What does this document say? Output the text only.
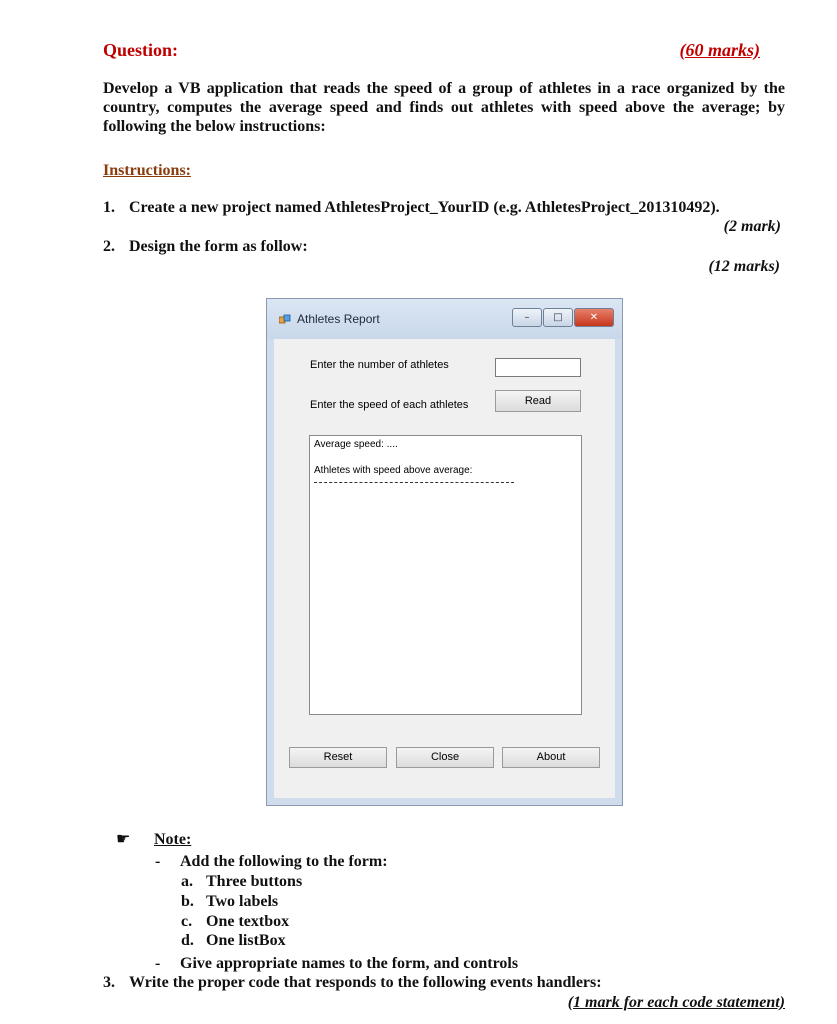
Question:	(60 marks)
Develop a VB application that reads the speed of a group of athletes in a race organized by the country, computes the average speed and finds out athletes with speed above the average; by following the below instructions:
Instructions:
1. Create a new project named AthletesProject_YourID (e.g. AthletesProject_201310492).
(2 mark)
2. Design the form as follow:
(12 marks)
Athletes Report	–	□	✕
Enter the number of athletes
Enter the speed of each athletes	Read
Average speed: ....
Athletes with speed above average:
Reset	Close	About
☛ Note:
- Add the following to the form:
a. Three buttons
b. Two labels
c. One textbox
d. One listBox
- Give appropriate names to the form, and controls
3. Write the proper code that responds to the following events handlers:
(1 mark for each code statement)
